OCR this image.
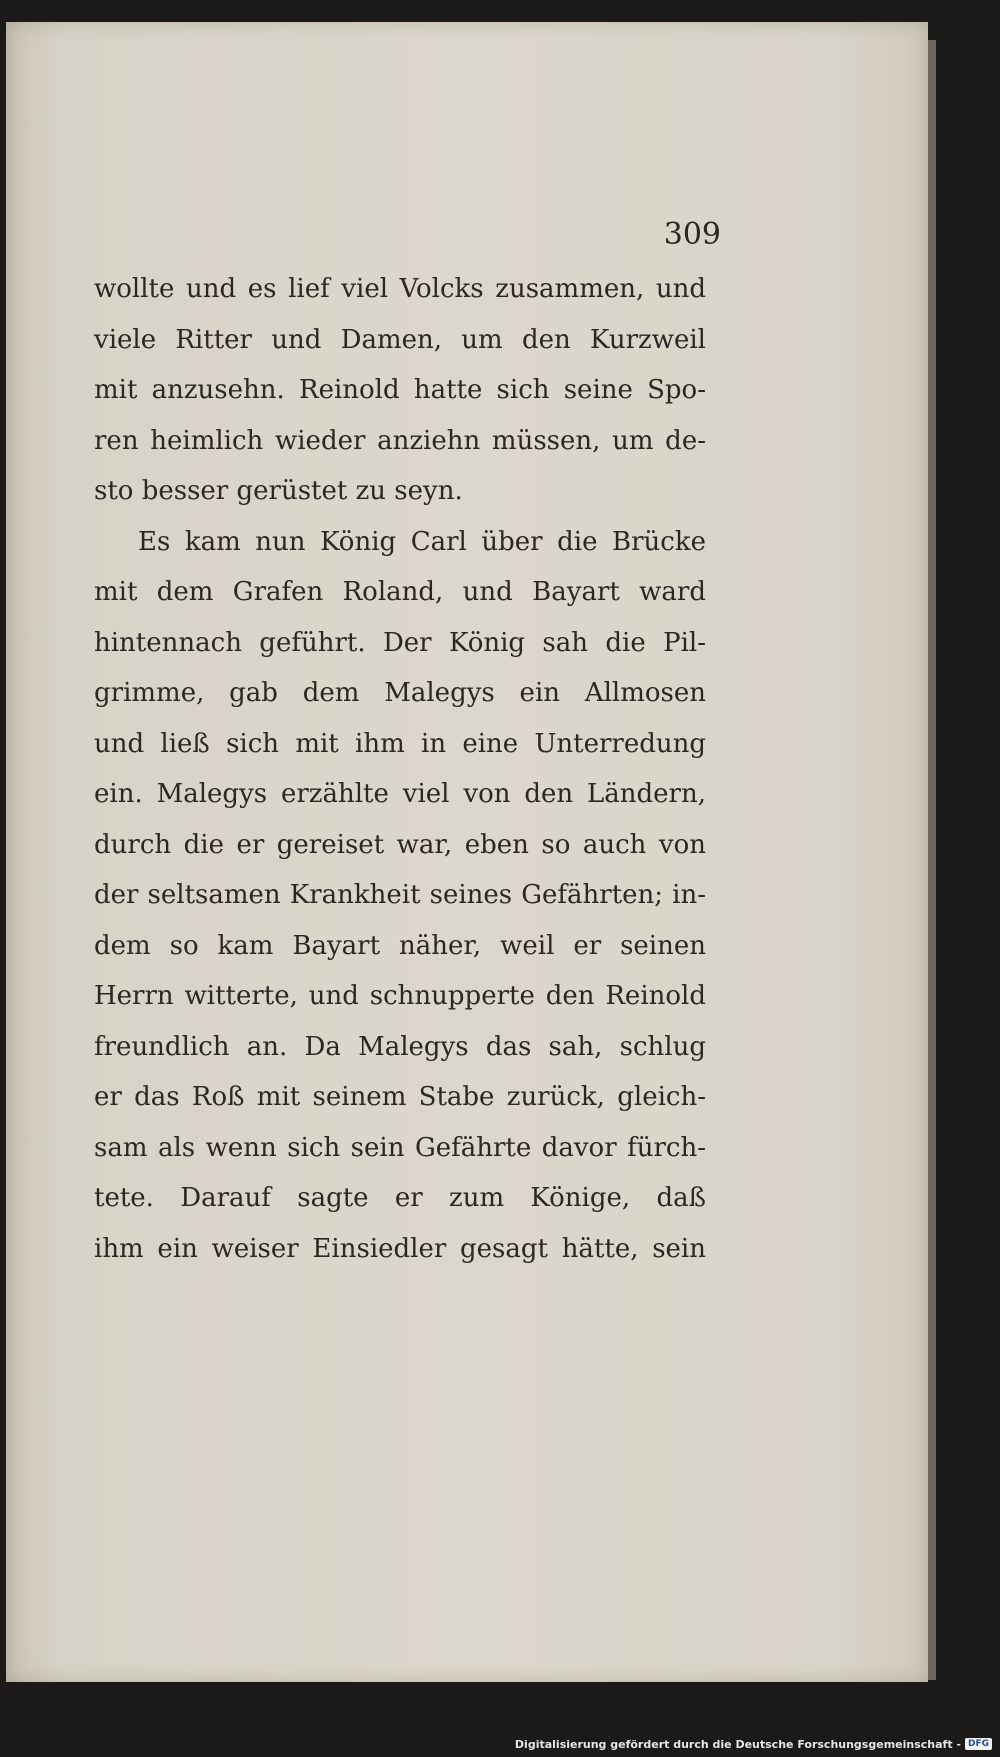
309
wollte und es lief viel Volcks zusammen, und
viele Ritter und Damen, um den Kurzweil
mit anzusehn. Reinold hatte sich seine Spo-
ren heimlich wieder anziehn müssen, um de-
sto besser gerüstet zu seyn.
Es kam nun König Carl über die Brücke
mit dem Grafen Roland, und Bayart ward
hintennach geführt. Der König sah die Pil-
grimme, gab dem Malegys ein Allmosen
und ließ sich mit ihm in eine Unterredung
ein. Malegys erzählte viel von den Ländern,
durch die er gereiset war, eben so auch von
der seltsamen Krankheit seines Gefährten; in-
dem so kam Bayart näher, weil er seinen
Herrn witterte, und schnupperte den Reinold
freundlich an. Da Malegys das sah, schlug
er das Roß mit seinem Stabe zurück, gleich-
sam als wenn sich sein Gefährte davor fürch-
tete. Darauf sagte er zum Könige, daß
ihm ein weiser Einsiedler gesagt hätte, sein
Digitalisierung gefördert durch die Deutsche Forschungsgemeinschaft - DFG
